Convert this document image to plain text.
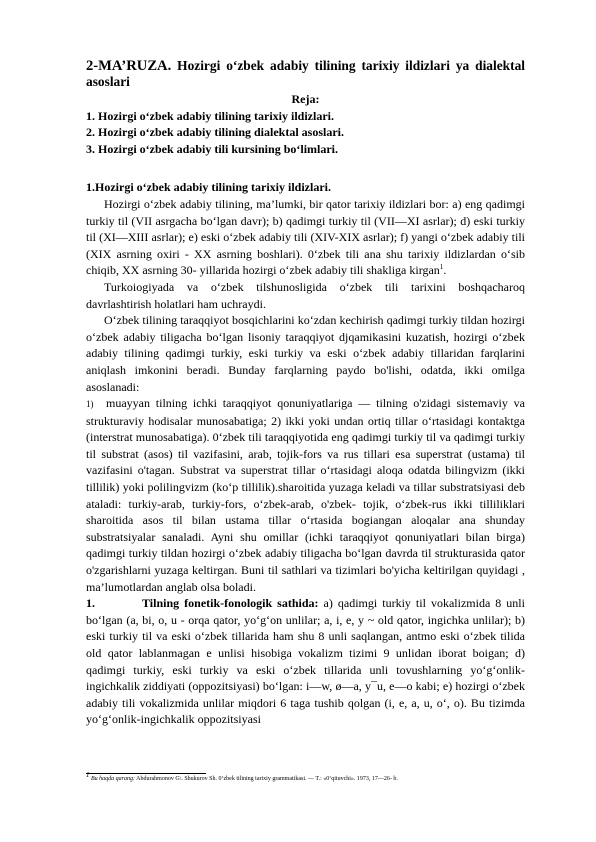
2-MA’RUZA. Hozirgi o‘zbek adabiy tilining tarixiy ildizlari ya dialektal asoslari

Reja:
1. Hozirgi o‘zbek adabiy tilining tarixiy ildizlari.
2. Hozirgi o‘zbek adabiy tilining dialektal asoslari.
3. Hozirgi o‘zbek adabiy tili kursining bo‘limlari.
1.Hozirgi o‘zbek adabiy tilining tarixiy ildizlari.

Hozirgi o‘zbek adabiy tilining, ma’lumki, bir qator tarixiy ildizlari bor: a) eng qadimgi turkiy til (VII asrgacha bo‘lgan davr); b) qadimgi turkiy til (VII—XI asrlar); d) eski turkiy til (XI—XIII asrlar); e) eski o‘zbek adabiy tili (XIV-XIX asrlar); f) yangi o‘zbek adabiy tili (XIX asrning oxiri - XX asrning boshlari). 0‘zbek tili ana shu tarixiy ildizlardan o‘sib chiqib, XX asrning 30- yillarida hozirgi o‘zbek adabiy tili shakliga kirgan$^1$.

Turkoiogiyada va o‘zbek tilshunosligida o‘zbek tili tarixini boshqacharoq davrlashtirish holatlari ham uchraydi.

O‘zbek tilining taraqqiyot bosqichlarini ko‘zdan kechirish qadimgi turkiy tildan hozirgi o‘zbek adabiy tiligacha bo‘lgan lisoniy taraqqiyot djqamikasini kuzatish, hozirgi o‘zbek adabiy tilining qadimgi turkiy, eski turkiy va eski o‘zbek adabiy tillaridan farqlarini aniqlash imkonini beradi. Bunday farqlarning paydo bo'lishi, odatda, ikki omilga asoslanadi:

1) muayyan tilning ichki taraqqiyot qonuniyatlariga — tilning o'zidagi sistemaviy va strukturaviy hodisalar munosabatiga; 2) ikki yoki undan ortiq tillar o‘rtasidagi kontaktga (interstrat munosabatiga). 0‘zbek tili taraqqiyotida eng qadimgi turkiy til va qadimgi turkiy til substrat (asos) til vazifasini, arab, tojik-fors va rus tillari esa superstrat (ustama) til vazifasini o'tagan. Substrat va superstrat tillar o‘rtasidagi aloqa odatda bilingvizm (ikki tillilik) yoki polilingvizm (ko‘p tillilik).sharoitida yuzaga keladi va tillar substratsiyasi deb ataladi: turkiy-arab, turkiy-fors, o‘zbek-arab, o'zbek- tojik, o‘zbek-rus ikki tilliliklari sharoitida asos til bilan ustama tillar o‘rtasida bogiangan aloqalar ana shunday substratsiyalar sanaladi. Ayni shu omillar (ichki taraqqiyot qonuniyatlari bilan birga) qadimgi turkiy tildan hozirgi o‘zbek adabiy tiligacha bo‘lgan davrda til strukturasida qator o'zgarishlarni yuzaga keltirgan. Buni til sathlari va tizimlari bo'yicha keltirilgan quyidagi , ma’lumotlardan anglab olsa boladi.

1.	Tilning fonetik-fonologik sathida: a) qadimgi turkiy til vokalizmida 8 unli bo‘lgan (a, bi, o, u - orqa qator, yo‘g‘on unlilar; a, i, e, y ~ old qator, ingichka unlilar); b) eski turkiy til va eski o‘zbek tillarida ham shu 8 unli saqlangan, antmo eski o‘zbek tilida old qator lablanmagan e unlisi hisobiga vokalizm tizimi 9 unlidan iborat boigan; d) qadimgi turkiy, eski turkiy va eski o‘zbek tillarida unli tovushlarning yo‘g‘onlik-ingichkalik ziddiyati (oppozitsiyasi) bo‘lgan: i—w, ø—a, y¯u, e—o kabi; e) hozirgi o‘zbek adabiy tili vokalizmida unlilar miqdori 6 taga tushib qolgan (i, e, a, u, o‘, o). Bu tizimda yo‘g‘onlik-ingichkalik oppozitsiyasi

$^1$ Bu haqda qarang: Abdurahmonov G\. Shukurov Sh. 0‘zbek tilining tarixiy grammatikasi. — T.: «0‘qituvchi». 1973, 17—26- b.
